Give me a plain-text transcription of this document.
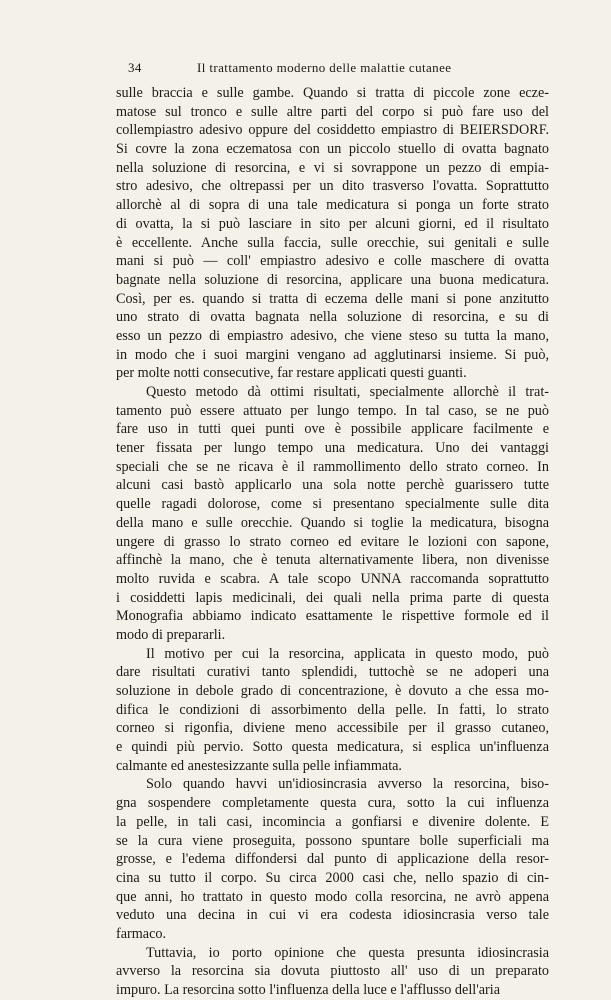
34	Il trattamento moderno delle malattie cutanee
sulle braccia e sulle gambe. Quando si tratta di piccole zone ecze-
matose sul tronco e sulle altre parti del corpo si può fare uso del
collempiastro adesivo oppure del cosiddetto empiastro di BEIERSDORF.
Si covre la zona eczematosa con un piccolo stuello di ovatta bagnato
nella soluzione di resorcina, e vi si sovrappone un pezzo di empia-
stro adesivo, che oltrepassi per un dito trasverso l'ovatta. Soprattutto
allorchè al di sopra di una tale medicatura si ponga un forte strato
di ovatta, la si può lasciare in sito per alcuni giorni, ed il risultato
è eccellente. Anche sulla faccia, sulle orecchie, sui genitali e sulle
mani si può — coll' empiastro adesivo e colle maschere di ovatta
bagnate nella soluzione di resorcina, applicare una buona medicatura.
Così, per es. quando si tratta di eczema delle mani si pone anzitutto
uno strato di ovatta bagnata nella soluzione di resorcina, e su di
esso un pezzo di empiastro adesivo, che viene steso su tutta la mano,
in modo che i suoi margini vengano ad agglutinarsi insieme. Si può,
per molte notti consecutive, far restare applicati questi guanti.
Questo metodo dà ottimi risultati, specialmente allorchè il trat-
tamento può essere attuato per lungo tempo. In tal caso, se ne può
fare uso in tutti quei punti ove è possibile applicare facilmente e
tener fissata per lungo tempo una medicatura. Uno dei vantaggi
speciali che se ne ricava è il rammollimento dello strato corneo. In
alcuni casi bastò applicarlo una sola notte perchè guarissero tutte
quelle ragadi dolorose, come si presentano specialmente sulle dita
della mano e sulle orecchie. Quando si toglie la medicatura, bisogna
ungere di grasso lo strato corneo ed evitare le lozioni con sapone,
affinchè la mano, che è tenuta alternativamente libera, non divenisse
molto ruvida e scabra. A tale scopo UNNA raccomanda soprattutto
i cosiddetti lapis medicinali, dei quali nella prima parte di questa
Monografia abbiamo indicato esattamente le rispettive formole ed il
modo di prepararli.
Il motivo per cui la resorcina, applicata in questo modo, può
dare risultati curativi tanto splendidi, tuttochè se ne adoperi una
soluzione in debole grado di concentrazione, è dovuto a che essa mo-
difica le condizioni di assorbimento della pelle. In fatti, lo strato
corneo si rigonfia, diviene meno accessibile per il grasso cutaneo,
e quindi più pervio. Sotto questa medicatura, si esplica un'influenza
calmante ed anestesizzante sulla pelle infiammata.
Solo quando havvi un'idiosincrasia avverso la resorcina, biso-
gna sospendere completamente questa cura, sotto la cui influenza
la pelle, in tali casi, incomincia a gonfiarsi e divenire dolente. E
se la cura viene proseguita, possono spuntare bolle superficiali ma
grosse, e l'edema diffondersi dal punto di applicazione della resor-
cina su tutto il corpo. Su circa 2000 casi che, nello spazio di cin-
que anni, ho trattato in questo modo colla resorcina, ne avrò appena
veduto una decina in cui vi era codesta idiosincrasia verso tale
farmaco.
Tuttavia, io porto opinione che questa presunta idiosincrasia
avverso la resorcina sia dovuta piuttosto all' uso di un preparato
impuro. La resorcina sotto l'influenza della luce e l'afflusso dell'aria
